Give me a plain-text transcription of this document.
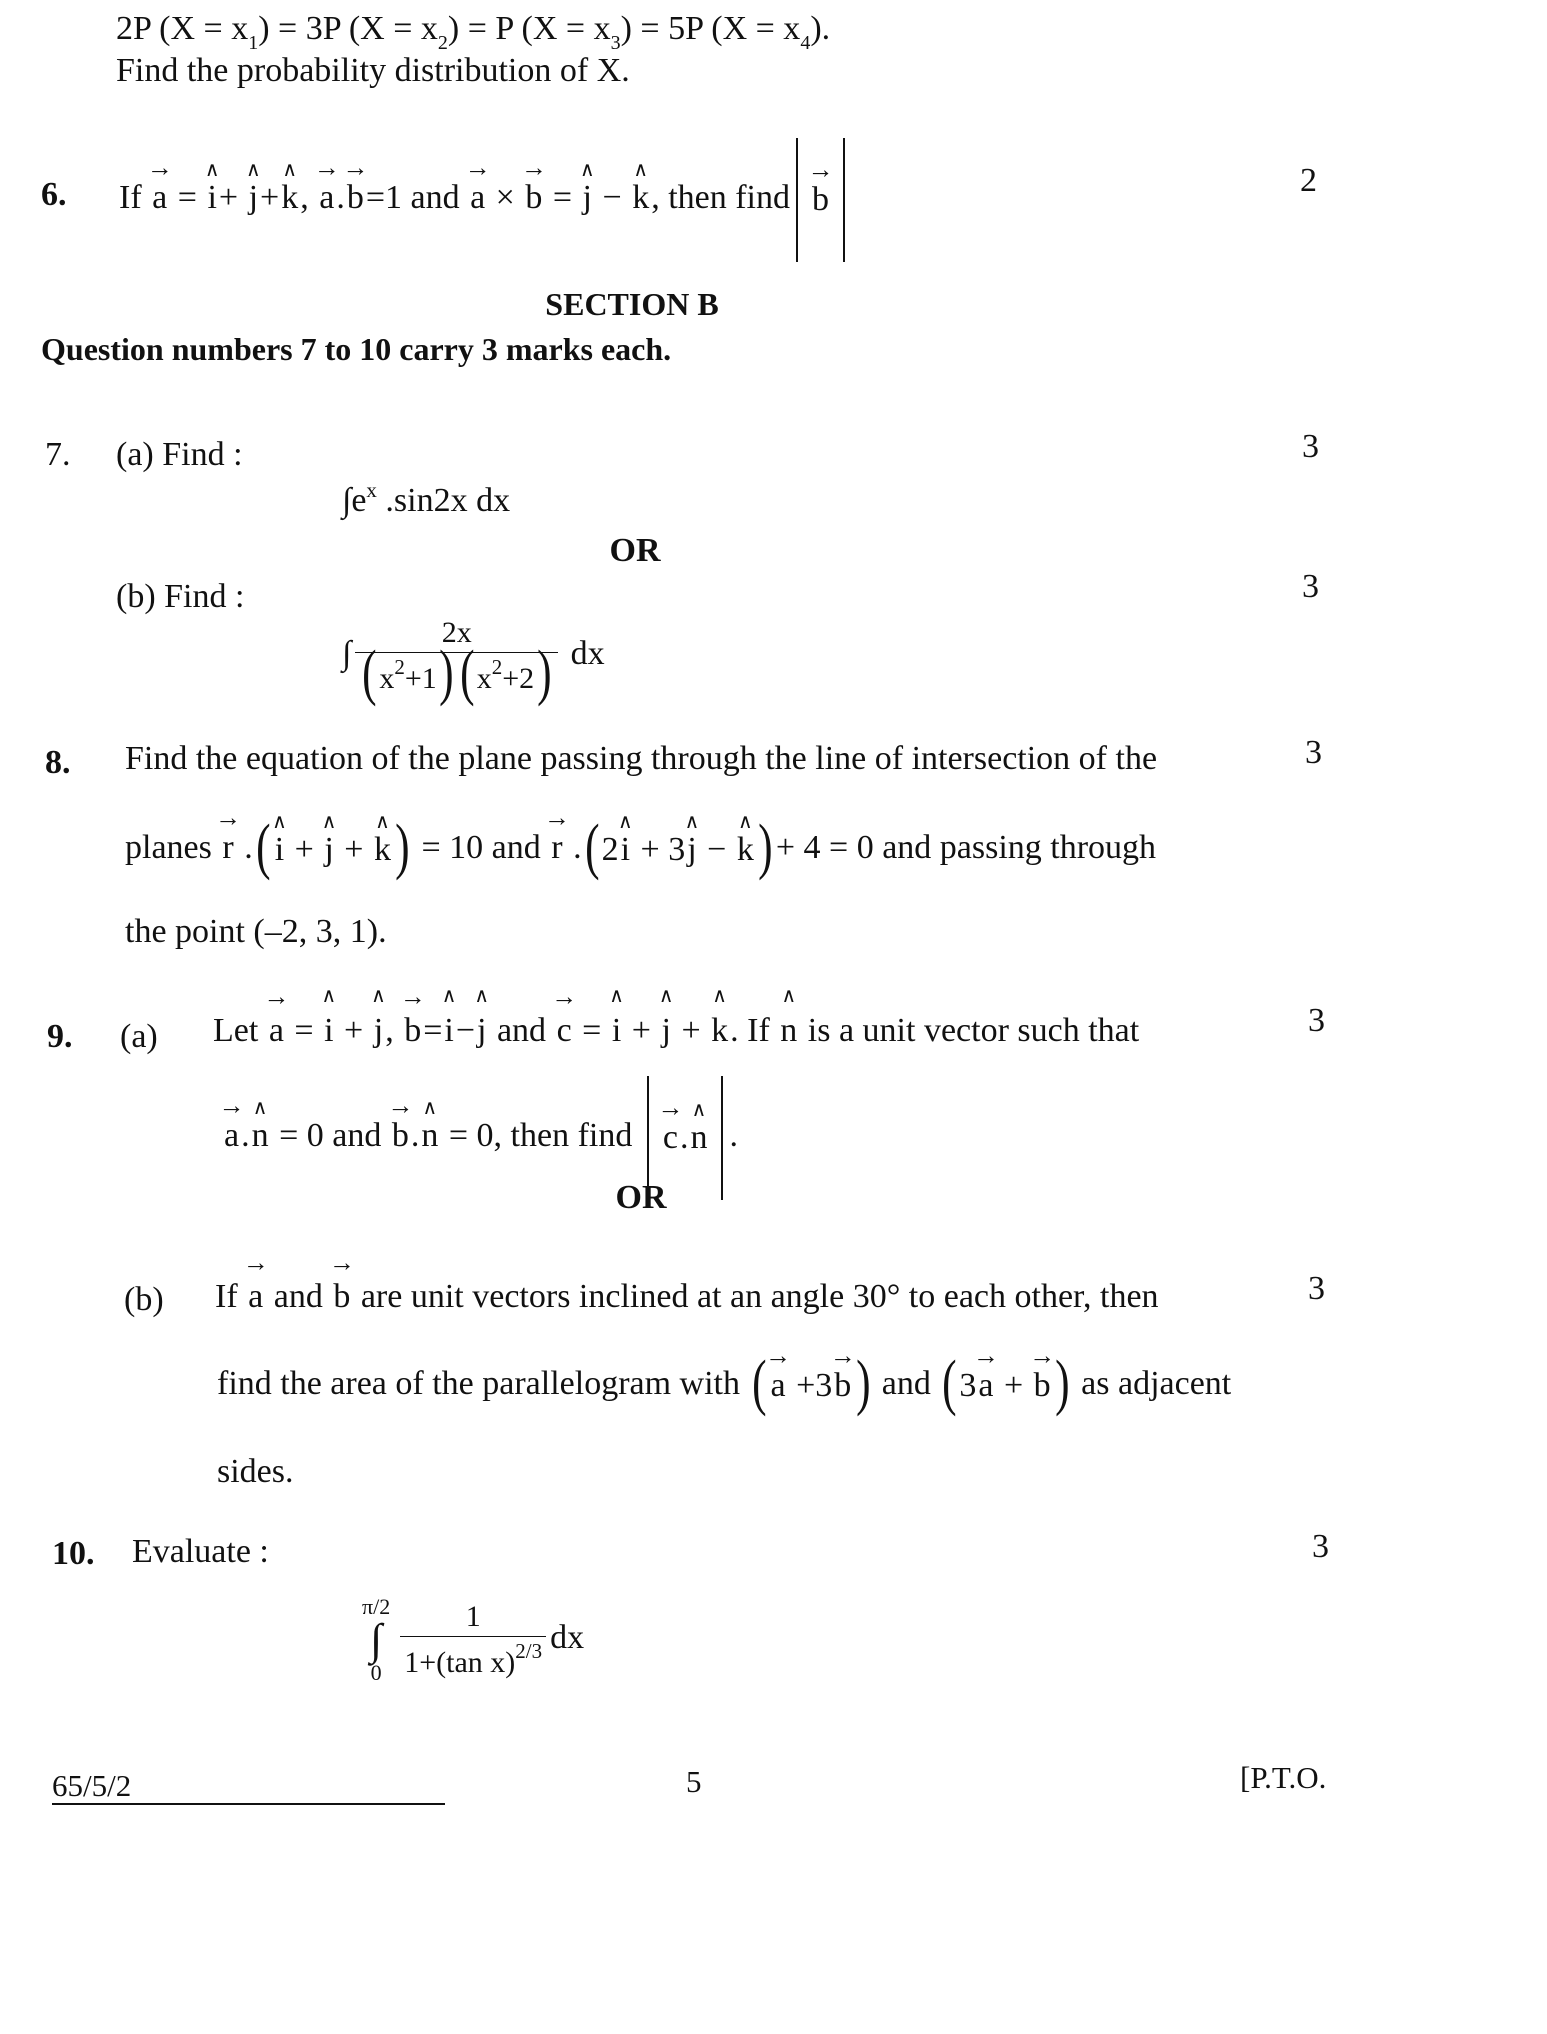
2P $(X = x_1) = 3P$ $(X = x_2) = P$ $(X = x_3) = 5P$ $(X = x_4)$.
Find the probability distribution of X.
6. If → a = ∧ i+ ∧ j+∧ k, → a.→ b=1 and → a × → b = ∧ j − ∧ k, then find → b
2
SECTION B
Question numbers 7 to 10 carry 3 marks each.
7. (a) Find :	3
$\int e^x$ .sin2x dx
OR
(b) Find :	3
∫ 2x
( $x^2+1$ ) ( $x^2+2$ ) dx
8. Find the equation of the plane passing through the line of intersection of the	3
planes → r . ( ∧ i + ∧ j + ∧ k ) = 10 and → r . ( 2∧ i + 3∧ j − ∧ k ) + 4 = 0 and passing through
the point (–2, 3, 1).
9. (a) Let → a = ∧ i + ∧ j, → b=∧ i−∧ j and → c = ∧ i + ∧ j + ∧ k. If ∧ n is a unit vector such that	3
→ a.∧ n = 0 and → b.∧ n = 0, then find → c.∧ n .
OR
(b) If → a and → b are unit vectors inclined at an angle 30° to each other, then	3
find the area of the parallelogram with ( → a +3→ b ) and ( 3→ a + → b ) as adjacent
sides.
10. Evaluate :	3
π/2
∫
$0 \frac{1}{1+(\tan x)^{2/3}}$ dx
65/5/2	5	[P.T.O.
